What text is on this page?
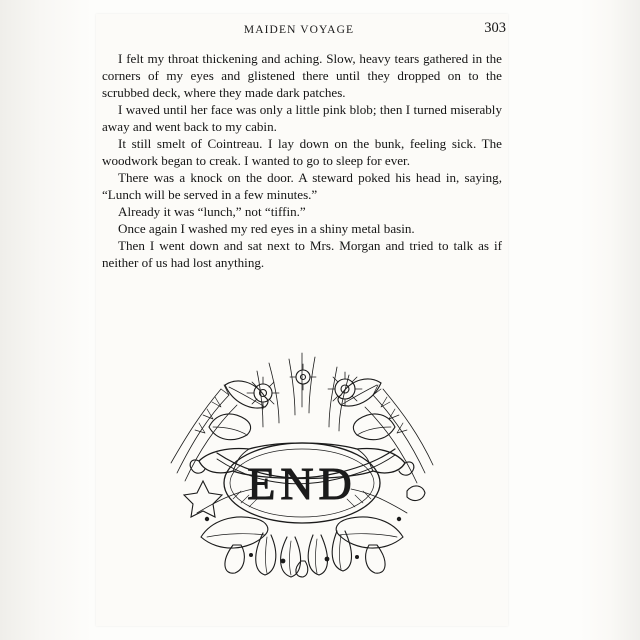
MAIDEN VOYAGE	303

I felt my throat thickening and aching. Slow, heavy tears gathered in the corners of my eyes and glistened there until they dropped on to the scrubbed deck, where they made dark patches.

I waved until her face was only a little pink blob; then I turned miserably away and went back to my cabin.

It still smelt of Cointreau. I lay down on the bunk, feeling sick. The woodwork began to creak. I wanted to go to sleep for ever.

There was a knock on the door. A steward poked his head in, saying, “Lunch will be served in a few minutes.”

Already it was “lunch,” not “tiffin.”

Once again I washed my red eyes in a shiny metal basin.

Then I went down and sat next to Mrs. Morgan and tried to talk as if neither of us had lost anything.

END
